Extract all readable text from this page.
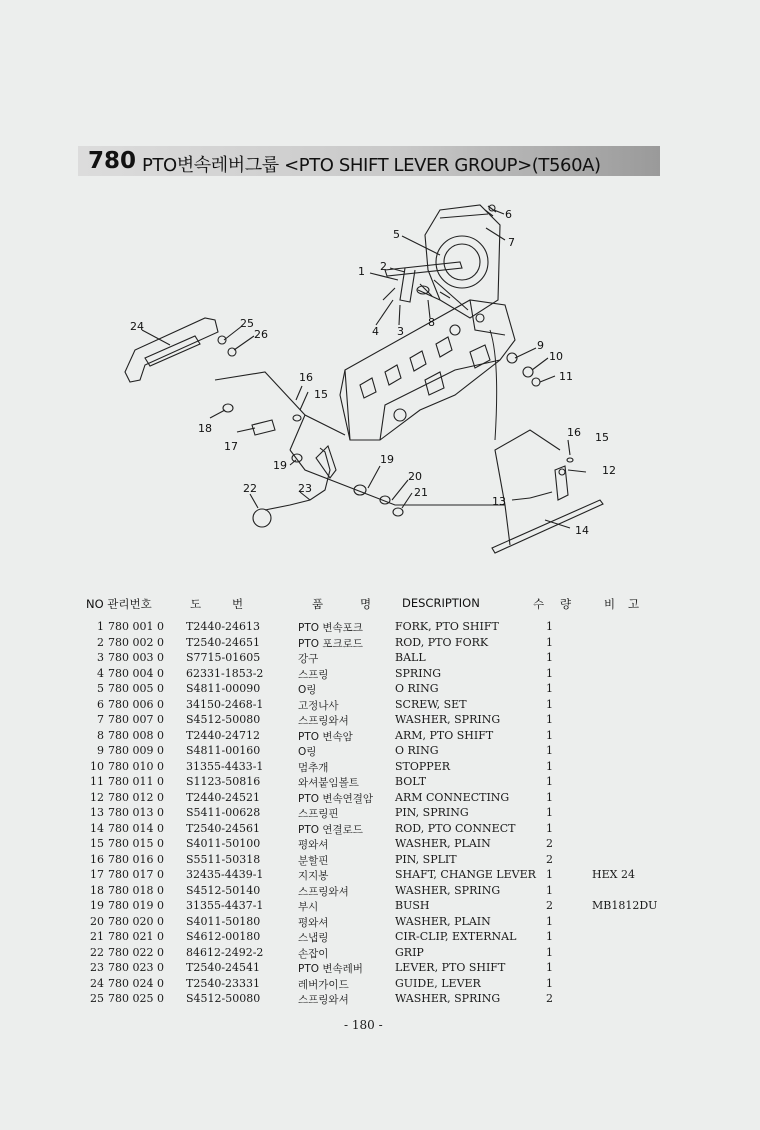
780 PTO변속레버그룹 <PTO SHIFT LEVER GROUP>(T560A)
1 2
3
4
5
6
7
8
9
10
11
12
13
14
15
16
15
16
17
18
19	19
20
21
22	23
24	25
26
NO 관리번호	도	번	품	명	DESCRIPTION	수 량	비 고
1 780 001 0 T2440-24613	PTO 변속포크	FORK, PTO SHIFT	1
2 780 002 0 T2540-24651	PTO 포크로드	ROD, PTO FORK	1
3 780 003 0 S7715-01605	강구	BALL	1
4 780 004 0 62331-1853-2	스프링	SPRING	1
5 780 005 0 S4811-00090	O링	O RING	1
6 780 006 0 34150-2468-1	고정나사	SCREW, SET	1
7 780 007 0 S4512-50080	스프링와셔	WASHER, SPRING	1
8 780 008 0 T2440-24712	PTO 변속암	ARM, PTO SHIFT	1
9 780 009 0 S4811-00160	O링	O RING	1
10 780 010 0 31355-4433-1	멈추개	STOPPER	1
11 780 011 0 S1123-50816	와셔붙임볼트	BOLT	1
12 780 012 0 T2440-24521	PTO 변속연결암 ARM CONNECTING	1
13 780 013 0 S5411-00628	스프링핀	PIN, SPRING	1
14 780 014 0 T2540-24561	PTO 연결로드	ROD, PTO CONNECT	1
15 780 015 0 S4011-50100	평와셔	WASHER, PLAIN	2
16 780 016 0 S5511-50318	분할핀	PIN, SPLIT	2
17 780 017 0 32435-4439-1	지지봉	SHAFT, CHANGE LEVER 1	HEX 24
18 780 018 0 S4512-50140	스프링와셔	WASHER, SPRING	1
19 780 019 0 31355-4437-1	부시	BUSH	2	MB1812DU
20 780 020 0 S4011-50180	평와셔	WASHER, PLAIN	1
21 780 021 0 S4612-00180	스냅링	CIR-CLIP, EXTERNAL	1
22 780 022 0 84612-2492-2	손잡이	GRIP	1
23 780 023 0 T2540-24541	PTO 변속레버	LEVER, PTO SHIFT	1
24 780 024 0 T2540-23331	레버가이드	GUIDE, LEVER	1
25 780 025 0 S4512-50080	스프링와셔	WASHER, SPRING	2
- 180 -
